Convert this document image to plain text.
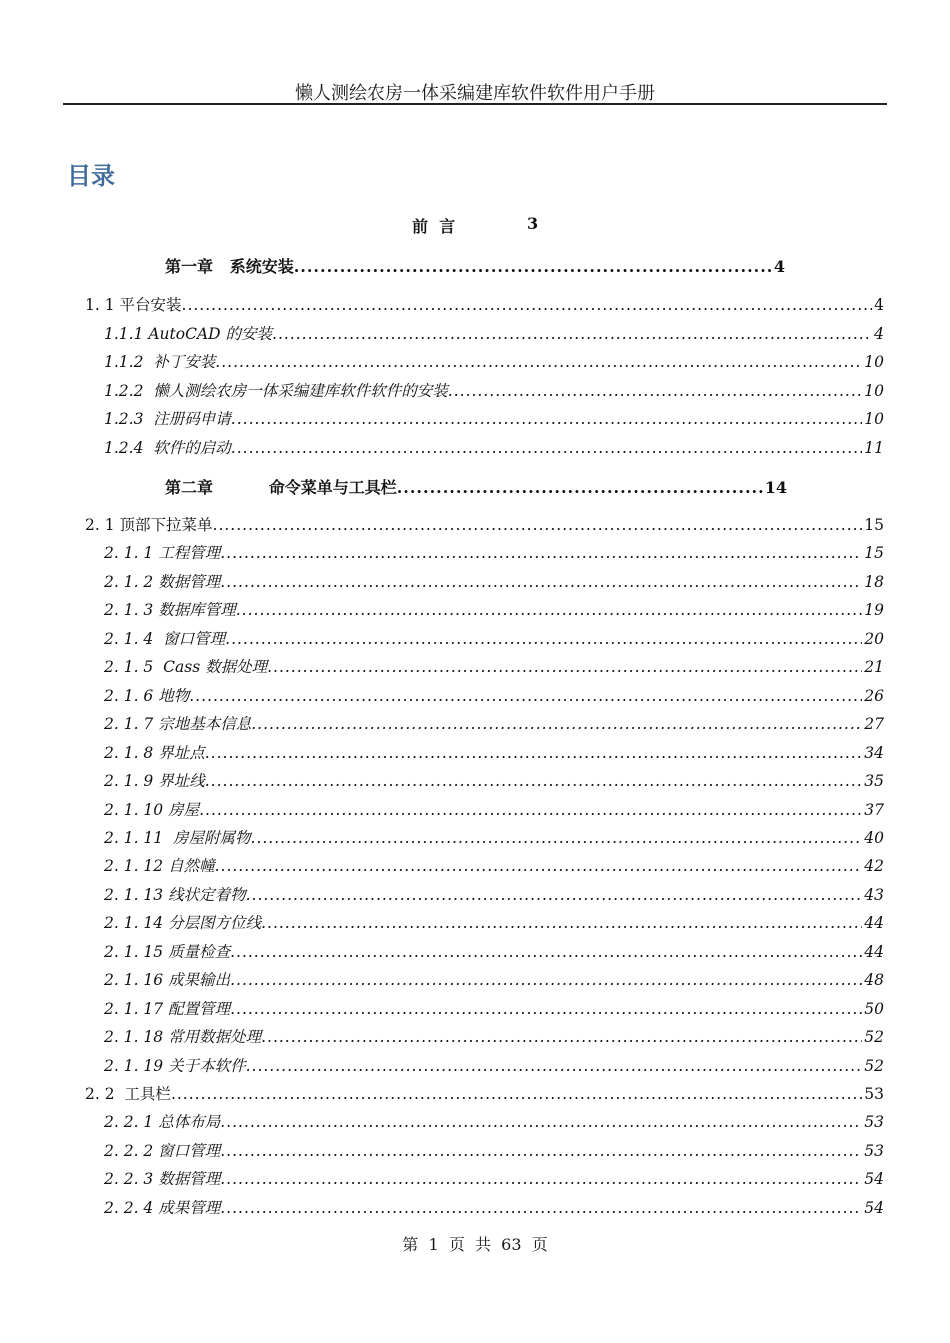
懒人测绘农房一体采编建库软件软件用户手册
目录
前  言	3
第一章   系统安装 .....	4
1. 1 平台安装 .....	4
1.1.1 AutoCAD 的安装 .....	4
1.1.2  补丁安装 .....	10
1.2.2  懒人测绘农房一体采编建库软件软件的安装 .....	10
1.2.3  注册码申请 .....	10
1.2.4  软件的启动 .....	11
第二章          命令菜单与工具栏 .....	14
2. 1 顶部下拉菜单 .....	15
2. 1. 1 工程管理 .....	15
2. 1. 2 数据管理 .....	18
2. 1. 3 数据库管理 .....	19
2. 1. 4  窗口管理 .....	20
2. 1. 5  Cass 数据处理 .....	21
2. 1. 6 地物 .....	26
2. 1. 7 宗地基本信息 .....	27
2. 1. 8 界址点 .....	34
2. 1. 9 界址线 .....	35
2. 1. 10 房屋 .....	37
2. 1. 11  房屋附属物 .....	40
2. 1. 12 自然幢 .....	42
2. 1. 13 线状定着物 .....	43
2. 1. 14 分层图方位线 .....	44
2. 1. 15 质量检查 .....	44
2. 1. 16 成果输出 .....	48
2. 1. 17 配置管理 .....	50
2. 1. 18 常用数据处理 .....	52
2. 1. 19 关于本软件 .....	52
2. 2  工具栏 .....	53
2. 2. 1 总体布局 .....	53
2. 2. 2 窗口管理 .....	53
2. 2. 3 数据管理 .....	54
2. 2. 4 成果管理 .....	54
第  1  页  共  63  页
